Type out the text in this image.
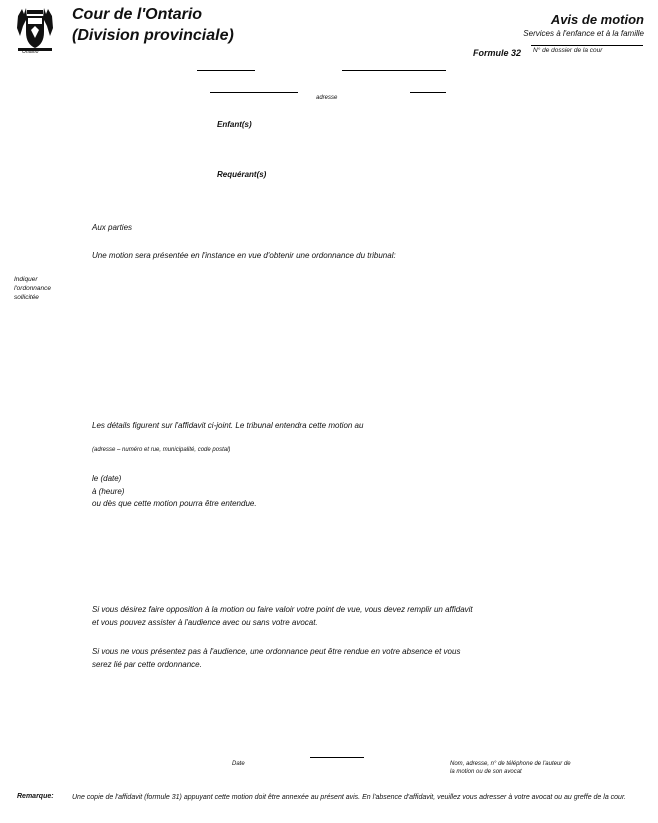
Ontario
Cour de l'Ontario
(Division provinciale)
Avis de motion
Services à l'enfance et à la famille
Formule 32 N° de dossier de la cour
adresse
Enfant(s)
Requérant(s)
Aux parties
Une motion sera présentée en l'instance en vue d'obtenir une ordonnance du tribunal:
Indiquer l'ordonnance sollicitée
Les détails figurent sur l'affidavit ci-joint. Le tribunal entendra cette motion au
(adresse – numéro et rue, municipalité, code postal)
le (date)
à (heure)
ou dès que cette motion pourra être entendue.
Si vous désirez faire opposition à la motion ou faire valoir votre point de vue, vous devez remplir un affidavit
et vous pouvez assister à l'audience avec ou sans votre avocat.
Si vous ne vous présentez pas à l'audience, une ordonnance peut être rendue en votre absence et vous
serez lié par cette ordonnance.
Date	Nom, adresse, n° de téléphone de l'auteur de
la motion ou de son avocat
Remarque:	Une copie de l'affidavit (formule 31) appuyant cette motion doit être annexée au présent avis. En l'absence d'affidavit, veuillez vous adresser à votre avocat ou au greffe de la cour.
